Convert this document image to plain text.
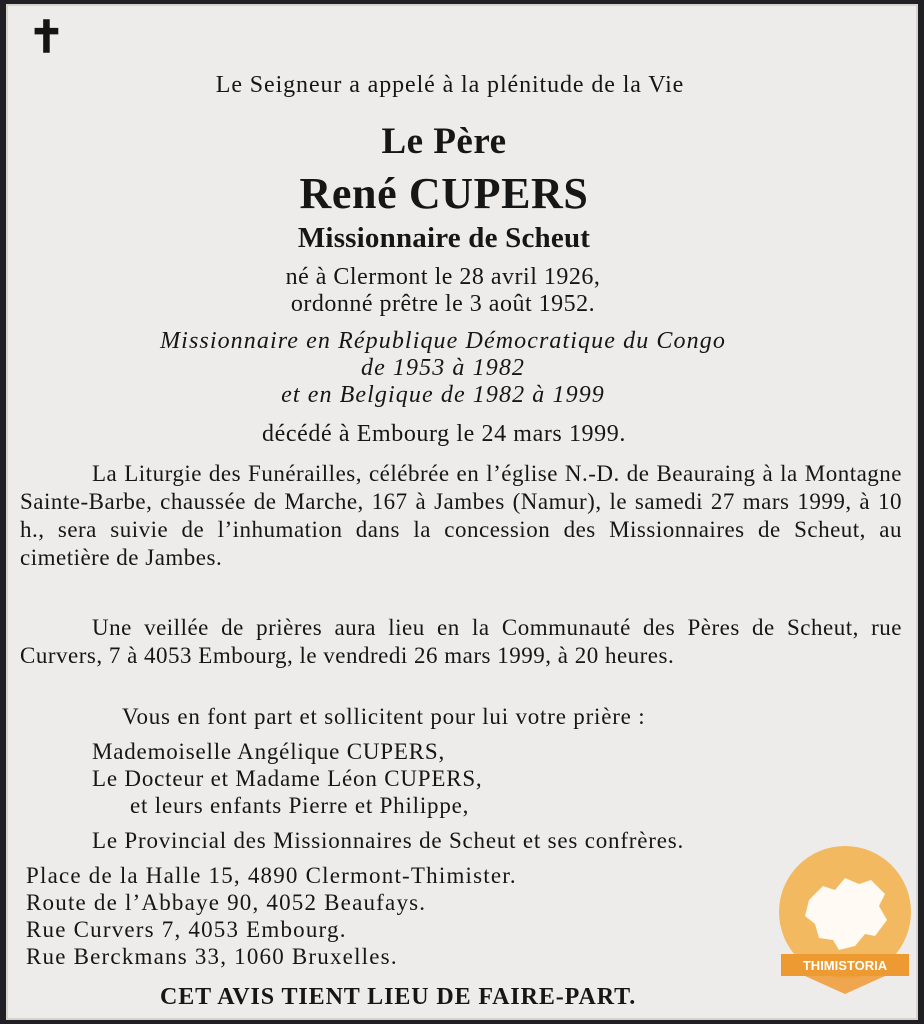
✝
Le Seigneur a appelé à la plénitude de la Vie
Le Père
René CUPERS
Missionnaire de Scheut
né à Clermont le 28 avril 1926,
ordonné prêtre le 3 août 1952.
Missionnaire en République Démocratique du Congo
de 1953 à 1982
et en Belgique de 1982 à 1999
décédé à Embourg le 24 mars 1999.

La Liturgie des Funérailles, célébrée en l’église N.-D. de Beauraing à la Montagne Sainte-Barbe, chaussée de Marche, 167 à Jambes (Namur), le samedi 27 mars 1999, à 10 h., sera suivie de l’inhumation dans la concession des Missionnaires de Scheut, au cimetière de Jambes.

Une veillée de prières aura lieu en la Communauté des Pères de Scheut, rue Curvers, 7 à 4053 Embourg, le vendredi 26 mars 1999, à 20 heures.

Vous en font part et sollicitent pour lui votre prière :
Mademoiselle Angélique CUPERS,
Le Docteur et Madame Léon CUPERS,
et leurs enfants Pierre et Philippe,
Le Provincial des Missionnaires de Scheut et ses confrères.
Place de la Halle 15, 4890 Clermont-Thimister.
Route de l’Abbaye 90, 4052 Beaufays.
Rue Curvers 7, 4053 Embourg.
Rue Berckmans 33, 1060 Bruxelles.
CET AVIS TIENT LIEU DE FAIRE-PART.
THIMISTORIA
